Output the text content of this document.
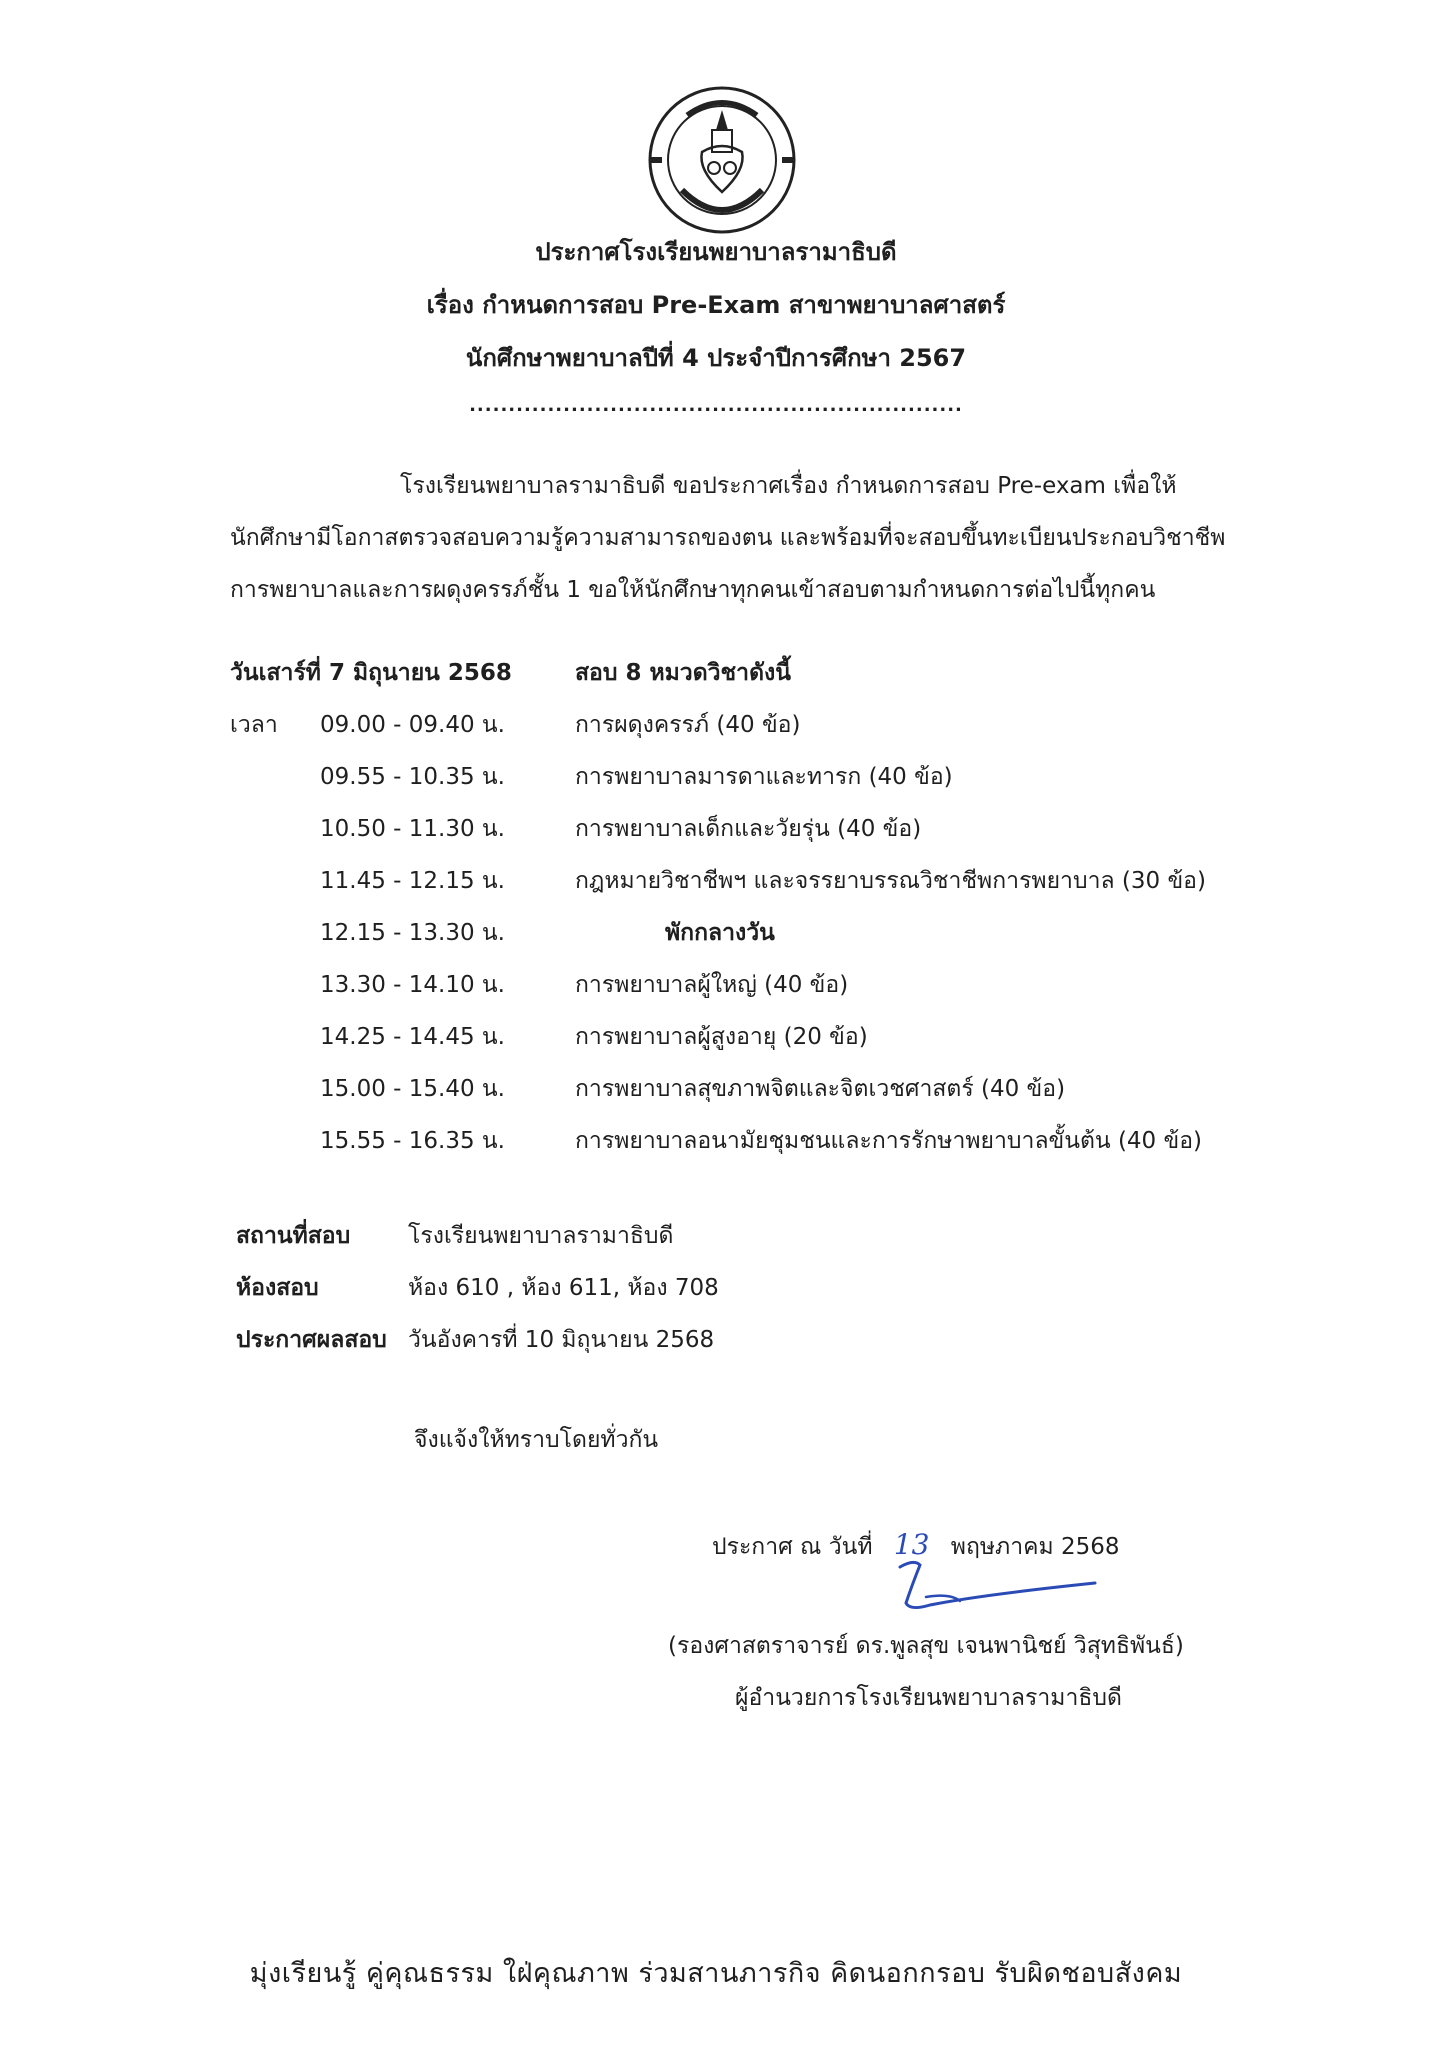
ประกาศโรงเรียนพยาบาลรามาธิบดี
เรื่อง กำหนดการสอบ Pre-Exam สาขาพยาบาลศาสตร์
นักศึกษาพยาบาลปีที่ 4 ประจำปีการศึกษา 2567
...............................................................
โรงเรียนพยาบาลรามาธิบดี ขอประกาศเรื่อง กำหนดการสอบ Pre-exam เพื่อให้
นักศึกษามีโอกาสตรวจสอบความรู้ความสามารถของตน และพร้อมที่จะสอบขึ้นทะเบียนประกอบวิชาชีพ
การพยาบาลและการผดุงครรภ์ชั้น 1 ขอให้นักศึกษาทุกคนเข้าสอบตามกำหนดการต่อไปนี้ทุกคน
วันเสาร์ที่ 7 มิถุนายน 2568	สอบ 8 หมวดวิชาดังนี้
เวลา 09.00 - 09.40 น.	การผดุงครรภ์ (40 ข้อ)
09.55 - 10.35 น.	การพยาบาลมารดาและทารก (40 ข้อ)
10.50 - 11.30 น.	การพยาบาลเด็กและวัยรุ่น (40 ข้อ)
11.45 - 12.15 น.	กฎหมายวิชาชีพฯ และจรรยาบรรณวิชาชีพการพยาบาล (30 ข้อ)
12.15 - 13.30 น.	พักกลางวัน
13.30 - 14.10 น.	การพยาบาลผู้ใหญ่ (40 ข้อ)
14.25 - 14.45 น.	การพยาบาลผู้สูงอายุ (20 ข้อ)
15.00 - 15.40 น.	การพยาบาลสุขภาพจิตและจิตเวชศาสตร์ (40 ข้อ)
15.55 - 16.35 น.	การพยาบาลอนามัยชุมชนและการรักษาพยาบาลขั้นต้น (40 ข้อ)
สถานที่สอบ	โรงเรียนพยาบาลรามาธิบดี
ห้องสอบ	ห้อง 610 , ห้อง 611, ห้อง 708
ประกาศผลสอบ วันอังคารที่ 10 มิถุนายน 2568
จึงแจ้งให้ทราบโดยทั่วกัน
ประกาศ ณ วันที่ 13 พฤษภาคม 2568
(รองศาสตราจารย์ ดร.พูลสุข เจนพานิชย์ วิสุทธิพันธ์)
ผู้อำนวยการโรงเรียนพยาบาลรามาธิบดี
มุ่งเรียนรู้ คู่คุณธรรม ใฝ่คุณภาพ ร่วมสานภารกิจ คิดนอกกรอบ รับผิดชอบสังคม
